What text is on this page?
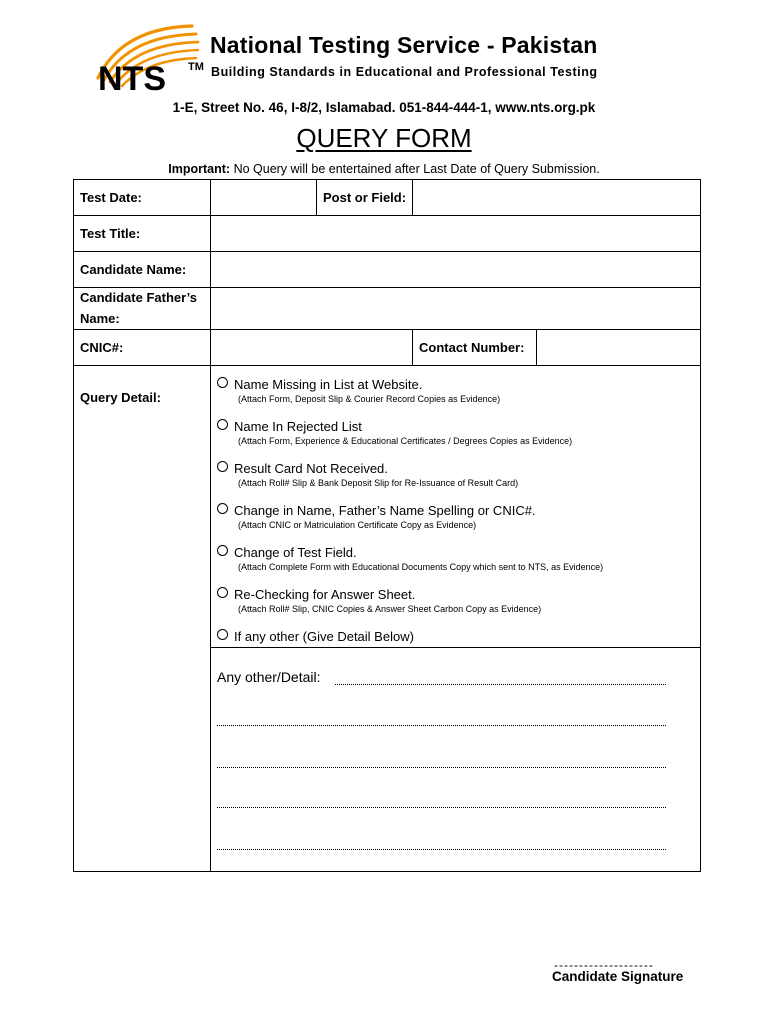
NTS TM
National Testing Service - Pakistan
Building Standards in Educational and Professional Testing
1-E, Street No. 46, I-8/2, Islamabad. 051-844-444-1, www.nts.org.pk
QUERY FORM
Important: No Query will be entertained after Last Date of Query Submission.
Test Date:	Post or Field:
Test Title:
Candidate Name:
Candidate Father’s
Name:
CNIC#:	Contact Number:
Query Detail:
Name Missing in List at Website.
(Attach Form, Deposit Slip & Courier Record Copies as Evidence)
Name In Rejected List
(Attach Form, Experience & Educational Certificates / Degrees Copies as Evidence)
Result Card Not Received.
(Attach Roll# Slip & Bank Deposit Slip for Re-Issuance of Result Card)
Change in Name, Father’s Name Spelling or CNIC#.
(Attach CNIC or Matriculation Certificate Copy as Evidence)
Change of Test Field.
(Attach Complete Form with Educational Documents Copy which sent to NTS, as Evidence)
Re-Checking for Answer Sheet.
(Attach Roll# Slip, CNIC Copies & Answer Sheet Carbon Copy as Evidence)
If any other (Give Detail Below)
Any other/Detail:
--------------------
Candidate Signature
